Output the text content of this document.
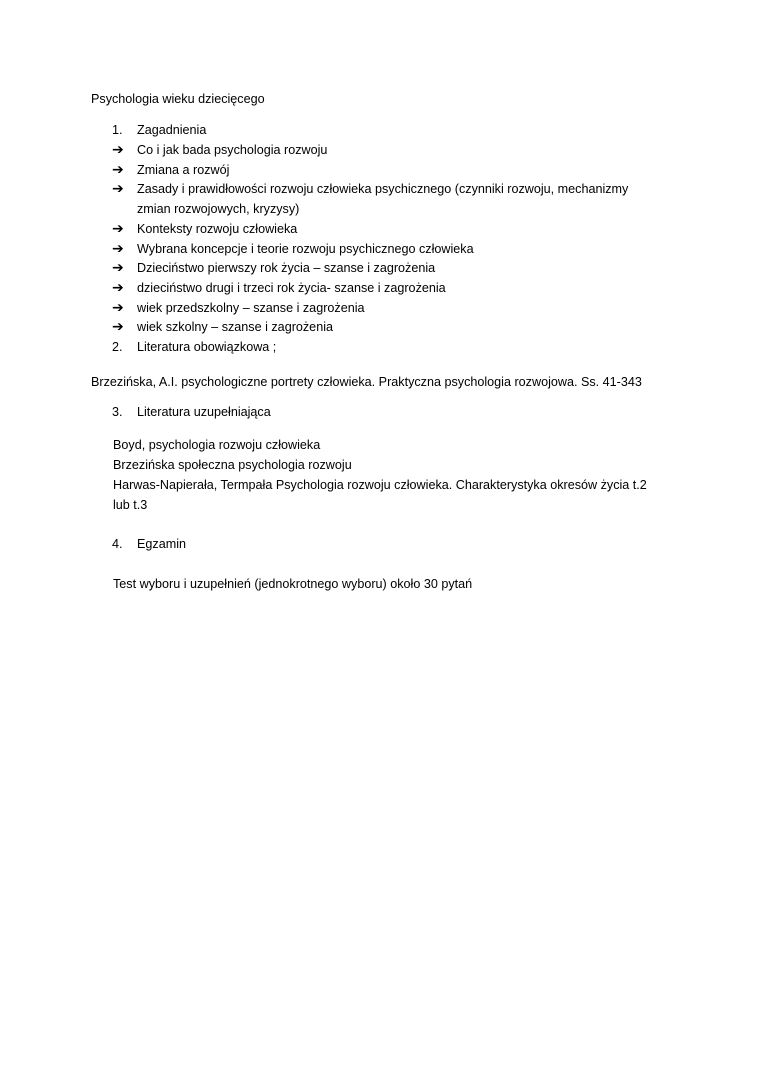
Psychologia wieku dziecięcego
1.	Zagadnienia
➔	Co i jak bada psychologia rozwoju
➔	Zmiana a rozwój
➔	Zasady i prawidłowości rozwoju człowieka psychicznego (czynniki rozwoju, mechanizmy
zmian rozwojowych, kryzysy)
➔	Konteksty rozwoju człowieka
➔	Wybrana koncepcje i teorie rozwoju psychicznego człowieka
➔	Dzieciństwo pierwszy rok życia – szanse i zagrożenia
➔	dzieciństwo drugi i trzeci rok życia- szanse i zagrożenia
➔	wiek przedszkolny – szanse i zagrożenia
➔	wiek szkolny – szanse i zagrożenia
2.	Literatura obowiązkowa ;
Brzezińska, A.I. psychologiczne portrety człowieka. Praktyczna psychologia rozwojowa. Ss. 41-343
3.	Literatura uzupełniająca
Boyd, psychologia rozwoju człowieka
Brzezińska społeczna psychologia rozwoju
Harwas-Napierała, Termpała Psychologia rozwoju człowieka. Charakterystyka okresów życia t.2
lub t.3
4.	Egzamin
Test wyboru i uzupełnień (jednokrotnego wyboru) około 30 pytań
